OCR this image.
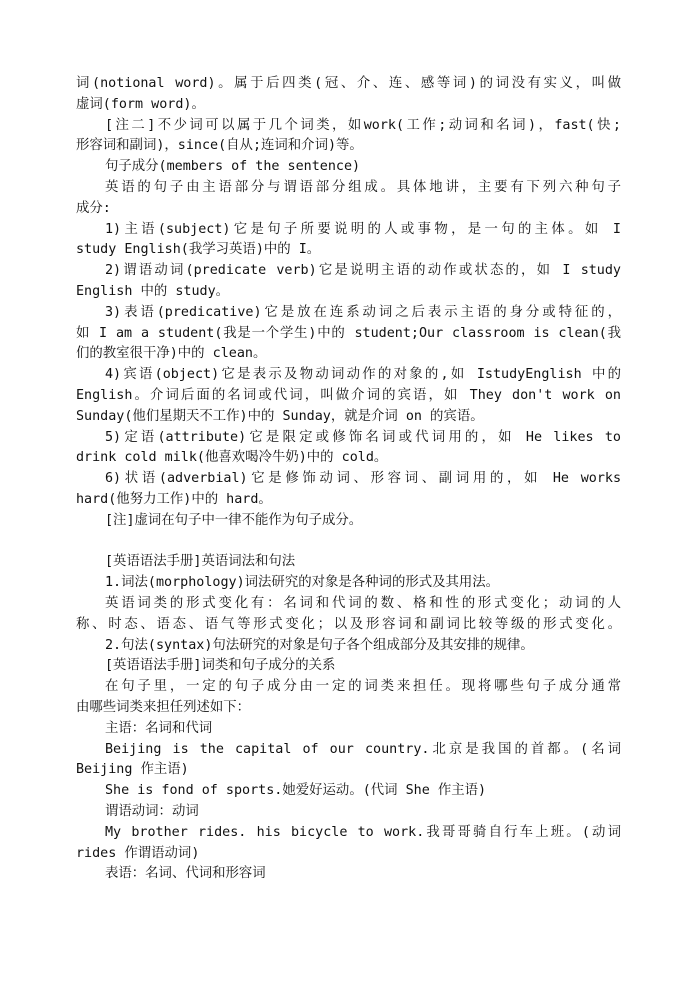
词(notional word)。属于后四类(冠、介、连、感等词)的词没有实义，叫做
虚词(form word)。
[注二]不少词可以属于几个词类，如work(工作;动词和名词)，fast(快;
形容词和副词)，since(自从;连词和介词)等。
句子成分(members of the sentence)
英语的句子由主语部分与谓语部分组成。具体地讲，主要有下列六种句子
成分:
1)主语(subject)它是句子所要说明的人或事物，是一句的主体。如 I
study English(我学习英语)中的 I。
2)谓语动词(predicate verb)它是说明主语的动作或状态的，如 I study
English 中的 study。
3)表语(predicative)它是放在连系动词之后表示主语的身分或特征的，
如 I am a student(我是一个学生)中的 student;Our classroom is clean(我
们的教室很干净)中的 clean。
4)宾语(object)它是表示及物动词动作的对象的,如 IstudyEnglish 中的
English。介词后面的名词或代词，叫做介词的宾语，如 They don't work on
Sunday(他们星期天不工作)中的 Sunday，就是介词 on 的宾语。
5)定语(attribute)它是限定或修饰名词或代词用的，如 He likes to
drink cold milk(他喜欢喝冷牛奶)中的 cold。
6)状语(adverbial)它是修饰动词、形容词、副词用的，如 He works
hard(他努力工作)中的 hard。
[注]虚词在句子中一律不能作为句子成分。
[英语语法手册]英语词法和句法
1.词法(morphology)词法研究的对象是各种词的形式及其用法。
英语词类的形式变化有：名词和代词的数、格和性的形式变化；动词的人
称、时态、语态、语气等形式变化；以及形容词和副词比较等级的形式变化。
2.句法(syntax)句法研究的对象是句子各个组成部分及其安排的规律。
[英语语法手册]词类和句子成分的关系
在句子里，一定的句子成分由一定的词类来担任。现将哪些句子成分通常
由哪些词类来担任列述如下：
主语：名词和代词
Beijing is the capital of our country.北京是我国的首都。(名词
Beijing 作主语)
She is fond of sports.她爱好运动。(代词 She 作主语)
谓语动词：动词
My brother rides. his bicycle to work.我哥哥骑自行车上班。(动词
rides 作谓语动词)
表语：名词、代词和形容词
